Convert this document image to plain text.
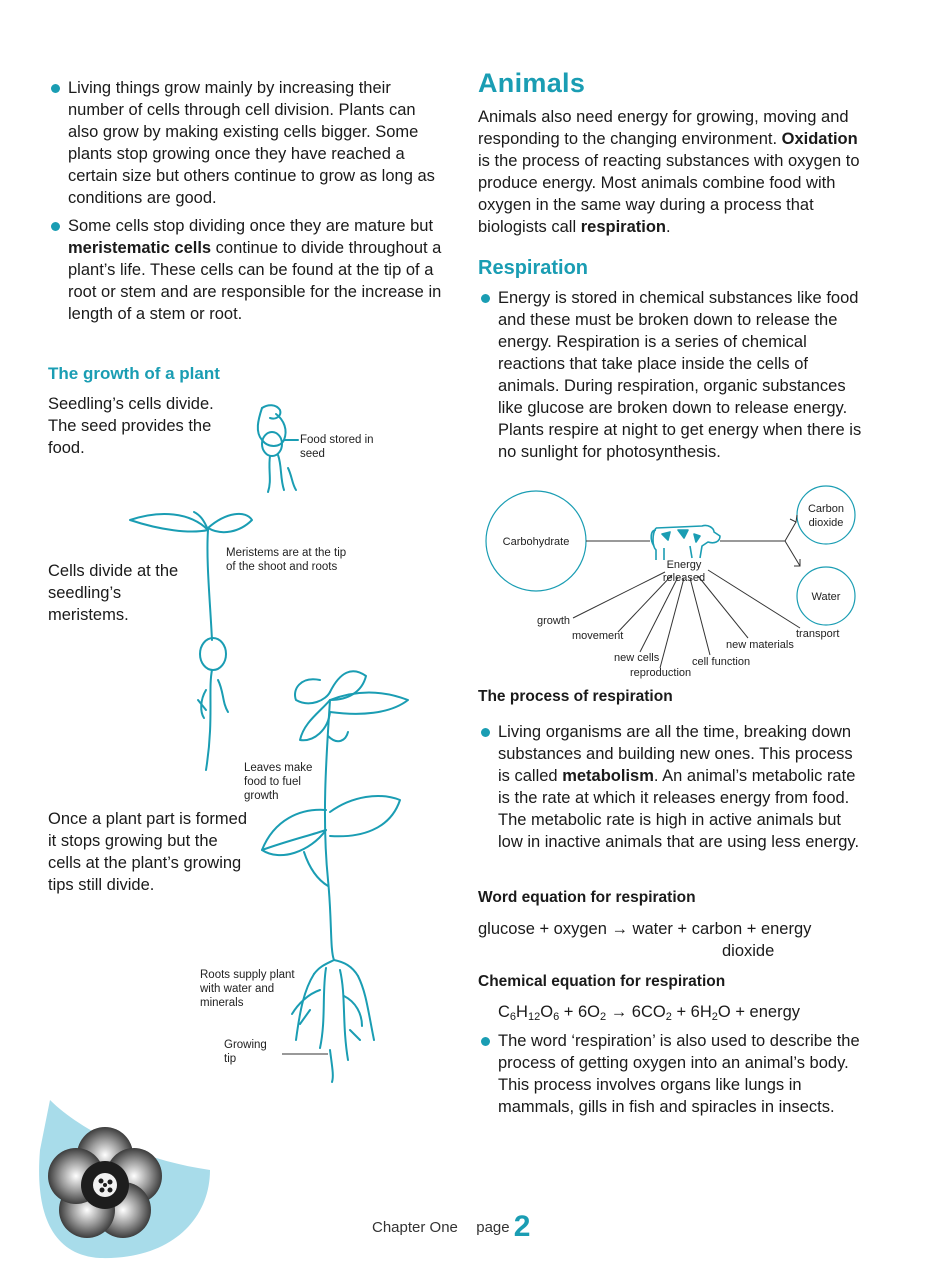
Living things grow mainly by increasing their number of cells through cell division. Plants can also grow by making existing cells bigger. Some plants stop growing once they have reached a certain size but others continue to grow as long as conditions are good.
Some cells stop dividing once they are mature but meristematic cells continue to divide throughout a plant’s life. These cells can be found at the tip of a root or stem and are responsible for the increase in length of a stem or root.
The growth of a plant
Seedling’s cells divide. The seed provides the food.
Cells divide at the seedling’s meristems.
Once a plant part is formed it stops growing but the cells at the plant’s growing tips still divide.
Food stored in seed
Meristems are at the tip of the shoot and roots
Leaves make food to fuel growth
Roots supply plant with water and minerals
Growing tip
Animals

Animals also need energy for growing, moving and responding to the changing environment. Oxidation is the process of reacting substances with oxygen to produce energy. Most animals combine food with oxygen in the same way during a process that biologists call respiration.

Respiration
Energy is stored in chemical substances like food and these must be broken down to release the energy. Respiration is a series of chemical reactions that take place inside the cells of animals. During respiration, organic substances like glucose are broken down to release energy. Plants respire at night to get energy when there is no sunlight for photosynthesis.
Carbohydrate
Carbon
dioxide
Water
Energy
released
growth
movement
new cells
reproduction
cell function
new materials
transport
The process of respiration
Living organisms are all the time, breaking down substances and building new ones. This process is called metabolism. An animal’s metabolic rate is the rate at which it releases energy from food. The metabolic rate is high in active animals but low in inactive animals that are using less energy.
Word equation for respiration
glucose + oxygen → water + carbon + energy
dioxide
Chemical equation for respiration
$C_6H_{12}O_6 + 6O_2 \to 6CO_2 + 6H_2O$ + energy
The word ‘respiration’ is also used to describe the process of getting oxygen into an animal’s body. This process involves organs like lungs in mammals, gills in fish and spiracles in insects.
Chapter One page 2
